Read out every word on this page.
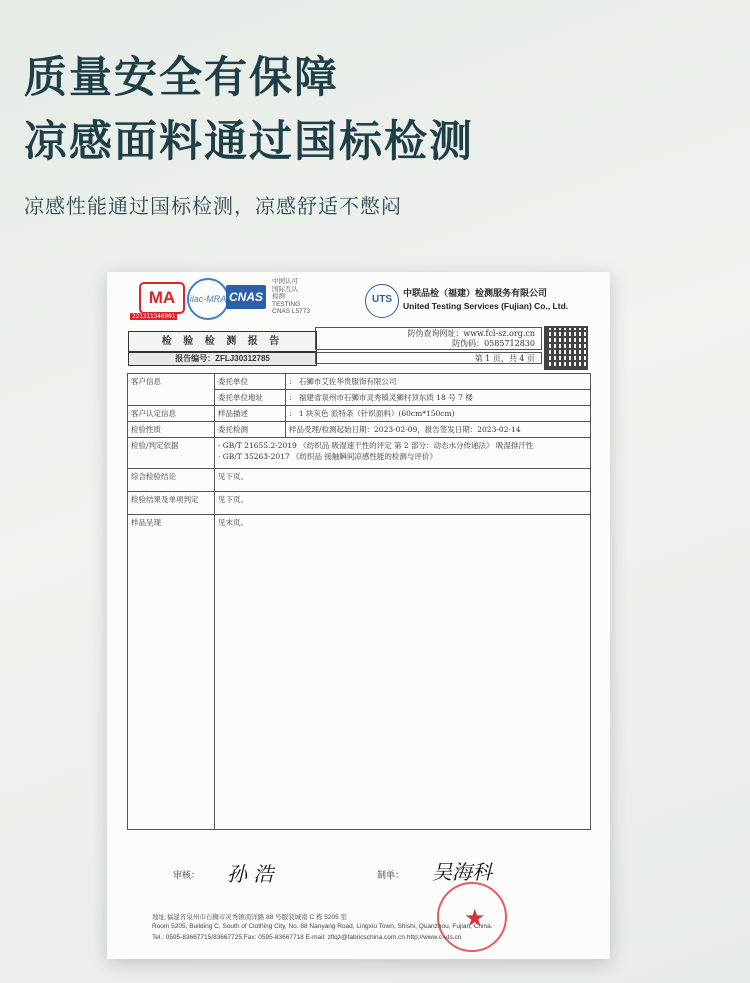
质量安全有保障
凉感面料通过国标检测
凉感性能通过国标检测，凉感舒适不憋闷
MA
221311340001
ilac-MRA CNAS
中国认可
国际互认
检测
TESTING
CNAS L5773
UTS
中联品检（福建）检测服务有限公司
United Testing Services (Fujian) Co., Ltd.
检 验 检 测 报 告
防伪查询网址：www.fcl-sz.org.cn
防伪码：0585712830
报告编号：ZFLJ30312785	第 1 页，共 4 页
客户信息	委托单位	： 石狮市艾佐华贵服饰有限公司
	委托单位地址	： 福建省泉州市石狮市灵秀镇灵狮村顶东质 18 号 7 楼
客户认定信息	样品描述	： 1 块灰色 派特条（针织面料）(60cm*150cm)
检验性质	委托检测	样品受理/检测起始日期：2023-02-09，报告签发日期：2023-02-14
检验/判定依据	· GB/T 21655.2-2019 《纺织品 吸湿速干性的评定 第 2 部分：动态水分传递法》 吸湿排汗性
· GB/T 35263-2017 《纺织品 接触瞬间凉感性能的检测与评价》	

综合检验结论	见下页。	
检验结果及单项判定	见下页。	
样品呈现	见末页。	
审核： 孙 浩	制单： 吴海科
★
地址:福建省泉州市石狮市灵秀镇南洋路 88 号服装城南 C 栋 5205 室
Room 5205, Building C, South of Clothing City, No. 88 Nanyang Road, Lingxiu Town, Shishi, Quanzhou, Fujian, China.
Tel.: 0595-83667715/83667725 Fax: 0595-83667718 E-mail: zflqz@fabricschina.com.cn http://www.c-uts.cn
